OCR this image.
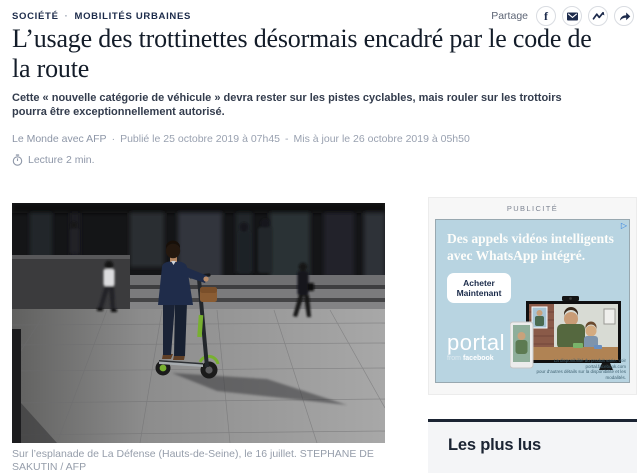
SOCIÉTÉ · MOBILITÉS URBAINES	Partage f
L’usage des trottinettes désormais encadré par le code de la route

Cette « nouvelle catégorie de véhicule » devra rester sur les pistes cyclables, mais rouler sur les trottoirs pourra être exceptionnellement autorisé.

Le Monde avec AFP · Publié le 25 octobre 2019 à 07h45 - Mis à jour le 26 octobre 2019 à 05h50
Lecture 2 min.
Sur l’esplanade de La Défense (Hauts-de-Seine), le 16 juillet. STEPHANE DE SAKUTIN / AFP
PUBLICITÉ
▷
Des appels vidéos intelligents avec WhatsApp intégré.
Acheter Maintenant
portal
from facebook	La disponibilité du produit varie. Voir portal.facebook.com
pour d’autres détails sur la disponibilité et les modalités.
Les plus lus
